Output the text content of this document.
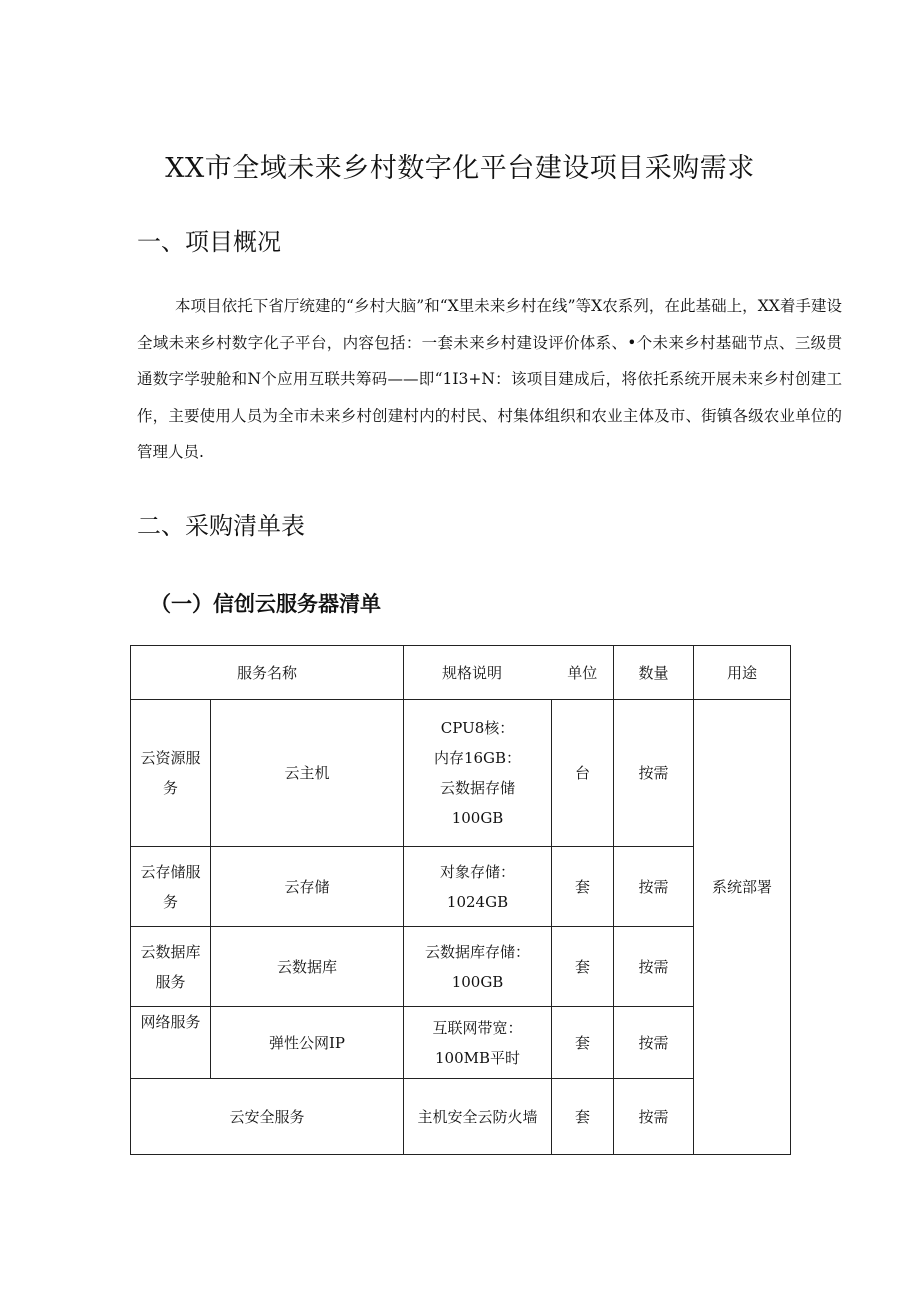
XX市全域未来乡村数字化平台建设项目采购需求
一、项目概况
本项目依托下省厅统建的“乡村大脑”和“X里未来乡村在线”等X农系列，在此基础上，XX着手建设全域未来乡村数字化子平台，内容包括：一套未来乡村建设评价体系、•个未来乡村基础节点、三级贯通数字学驶舱和N个应用互联共筹码——即“1I3+N：该项目建成后，将依托系统开展未来乡村创建工作，主要使用人员为全市未来乡村创建村内的村民、村集体组织和农业主体及市、街镇各级农业单位的管理人员.
二、采购清单表
（一）信创云服务器清单
服务名称		规格说明	单位	数量	用途
云资源服务	云主机	CPU8核：
内存16GB：
云数据存储
100GB	台	按需	系统部署
云存储服务	云存储	对象存储：
1024GB	套	按需	
云数据库服务	云数据库	云数据库存储：
100GB	套	按需	
网络服务	弹性公网IP	互联网带宽：
100MB平时	套	按需	
云安全服务		主机安全云防火墙	套	按需	
